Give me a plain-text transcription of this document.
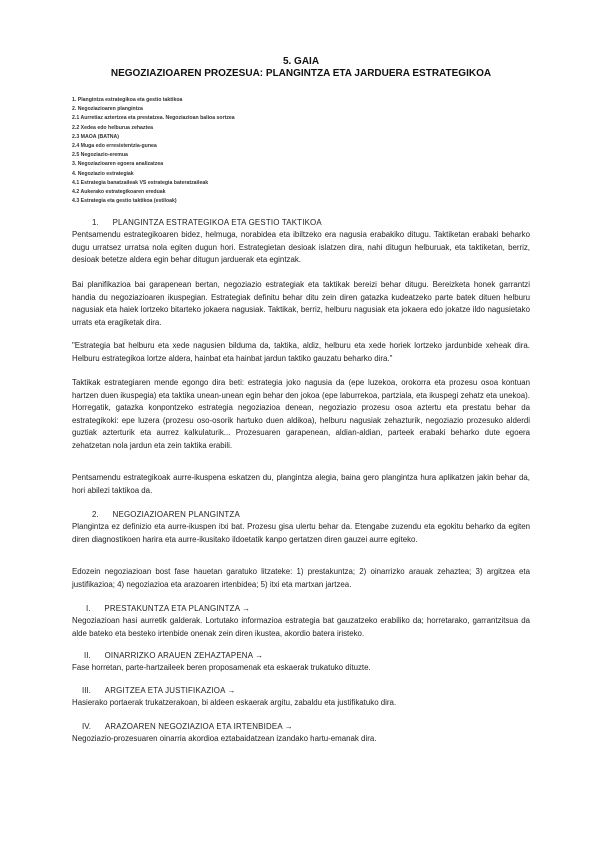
5. GAIA
NEGOZIAZIOAREN PROZESUA: PLANGINTZA ETA JARDUERA ESTRATEGIKOA
1. Plangintza estrategikoa eta gestio taktikoa
2. Negoziazioaren plangintza
2.1 Aurretiaz aztertzea eta prestatzea. Negoziazioan balioa sortzea
2.2 Xedea edo helburua zehaztea
2.3 MAOA (BATNA)
2.4 Muga edo erresistentzia-gunea
2.5 Negoziazio-eremua
3. Negoziazioaren egoera analizatzea
4. Negoziazio estrategiak
4.1 Estrategia banatzaileak VS estrategia bateratzaileak
4.2 Aukerako estrategikoaren ereduak
4.3 Estrategia eta gestio taktikoa (estiloak)
1. PLANGINTZA ESTRATEGIKOA ETA GESTIO TAKTIKOA
Pentsamendu estrategikoaren bidez, helmuga, norabidea eta ibiltzeko era nagusia erabakiko ditugu. Taktiketan erabaki beharko dugu urratsez urratsa nola egiten dugun hori. Estrategietan desioak islatzen dira, nahi ditugun helburuak, eta taktiketan, berriz, desioak betetze aldera egin behar ditugun jarduerak eta egintzak.
Bai planifikazioa bai garapenean bertan, negoziazio estrategiak eta taktikak bereizi behar ditugu. Bereizketa honek garrantzi handia du negoziazioaren ikuspegian. Estrategiak definitu behar ditu zein diren gatazka kudeatzeko parte batek dituen helburu nagusiak eta haiek lortzeko bitarteko jokaera nagusiak. Taktikak, berriz, helburu nagusiak eta jokaera edo jokatze ildo nagusietako urrats eta eragiketak dira.
"Estrategia bat helburu eta xede nagusien bilduma da, taktika, aldiz, helburu eta xede horiek lortzeko jardunbide xeheak dira. Helburu estrategikoa lortze aldera, hainbat eta hainbat jardun taktiko gauzatu beharko dira."
Taktikak estrategiaren mende egongo dira beti: estrategia joko nagusia da (epe luzekoa, orokorra eta prozesu osoa kontuan hartzen duen ikuspegia) eta taktika unean-unean egin behar den jokoa (epe laburrekoa, partziala, eta ikuspegi zehatz eta unekoa). Horregatik, gatazka konpontzeko estrategia negoziazioa denean, negoziazio prozesu osoa aztertu eta prestatu behar da estrategikoki: epe luzera (prozesu oso-osorik hartuko duen aldikoa), helburu nagusiak zehazturik, negoziazio prozesuko alderdi guztiak azterturik eta aurrez kalkulaturik... Prozesuaren garapenean, aldian-aldian, parteek erabaki beharko dute egoera zehatzetan nola jardun eta zein taktika erabili.
Pentsamendu estrategikoak aurre-ikuspena eskatzen du, plangintza alegia, baina gero plangintza hura aplikatzen jakin behar da, hori abilezi taktikoa da.
2. NEGOZIAZIOAREN PLANGINTZA
Plangintza ez definizio eta aurre-ikuspen itxi bat. Prozesu gisa ulertu behar da. Etengabe zuzendu eta egokitu beharko da egiten diren diagnostikoen harira eta aurre-ikusitako ildoetatik kanpo gertatzen diren gauzei aurre egiteko.
Edozein negoziazioan bost fase hauetan garatuko litzateke: 1) prestakuntza; 2) oinarrizko arauak zehaztea; 3) argitzea eta justifikazioa; 4) negoziazioa eta arazoaren irtenbidea; 5) itxi eta martxan jartzea.
I. PRESTAKUNTZA ETA PLANGINTZA →
Negoziazioan hasi aurretik galderak. Lortutako informazioa estrategia bat gauzatzeko erabiliko da; horretarako, garrantzitsua da alde bateko eta besteko irtenbide onenak zein diren ikustea, akordio batera iristeko.
II. OINARRIZKO ARAUEN ZEHAZTAPENA →
Fase horretan, parte-hartzaileek beren proposamenak eta eskaerak trukatuko dituzte.
III. ARGITZEA ETA JUSTIFIKAZIOA →
Hasierako portaerak trukatzerakoan, bi aldeen eskaerak argitu, zabaldu eta justifikatuko dira.
IV. ARAZOAREN NEGOZIAZIOA ETA IRTENBIDEA →
Negoziazio-prozesuaren oinarria akordioa eztabaidatzean izandako hartu-emanak dira.
